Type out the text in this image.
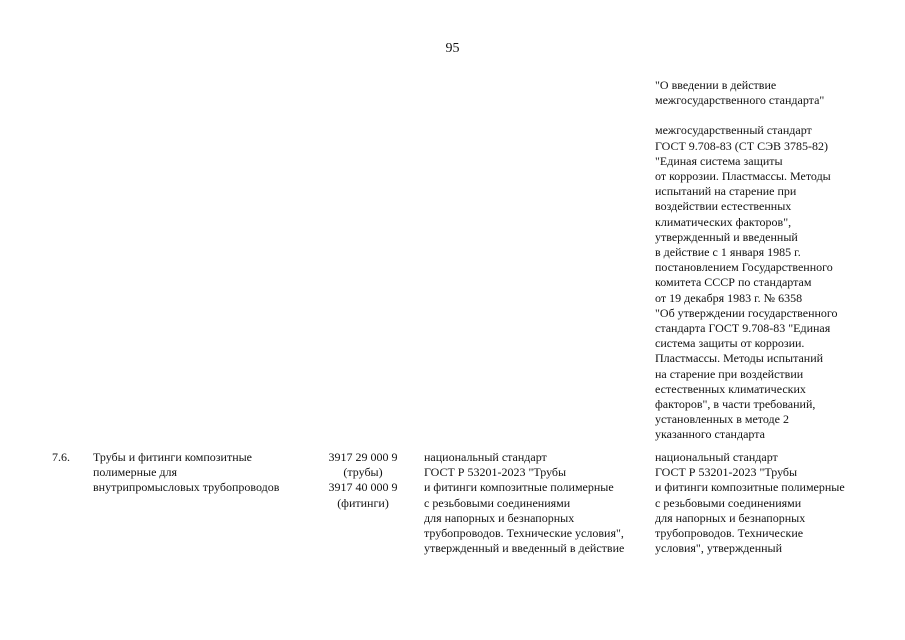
95
"О введении в действие
межгосударственного стандарта"
межгосударственный стандарт
ГОСТ 9.708-83 (СТ СЭВ 3785-82)
"Единая система защиты
от коррозии. Пластмассы. Методы
испытаний на старение при
воздействии естественных
климатических факторов",
утвержденный и введенный
в действие с 1 января 1985 г.
постановлением Государственного
комитета СССР по стандартам
от 19 декабря 1983 г. № 6358
"Об утверждении государственного
стандарта ГОСТ 9.708-83 "Единая
система защиты от коррозии.
Пластмассы. Методы испытаний
на старение при воздействии
естественных климатических
факторов", в части требований,
установленных в методе 2
указанного стандарта
7.6. Трубы и фитинги композитные
полимерные для
внутрипромысловых трубопроводов
3917 29 000 9
(трубы)
3917 40 000 9
(фитинги)
национальный стандарт
ГОСТ Р 53201-2023 "Трубы
и фитинги композитные полимерные
с резьбовыми соединениями
для напорных и безнапорных
трубопроводов. Технические условия",
утвержденный и введенный в действие
национальный стандарт
ГОСТ Р 53201-2023 "Трубы
и фитинги композитные полимерные
с резьбовыми соединениями
для напорных и безнапорных
трубопроводов. Технические
условия", утвержденный
